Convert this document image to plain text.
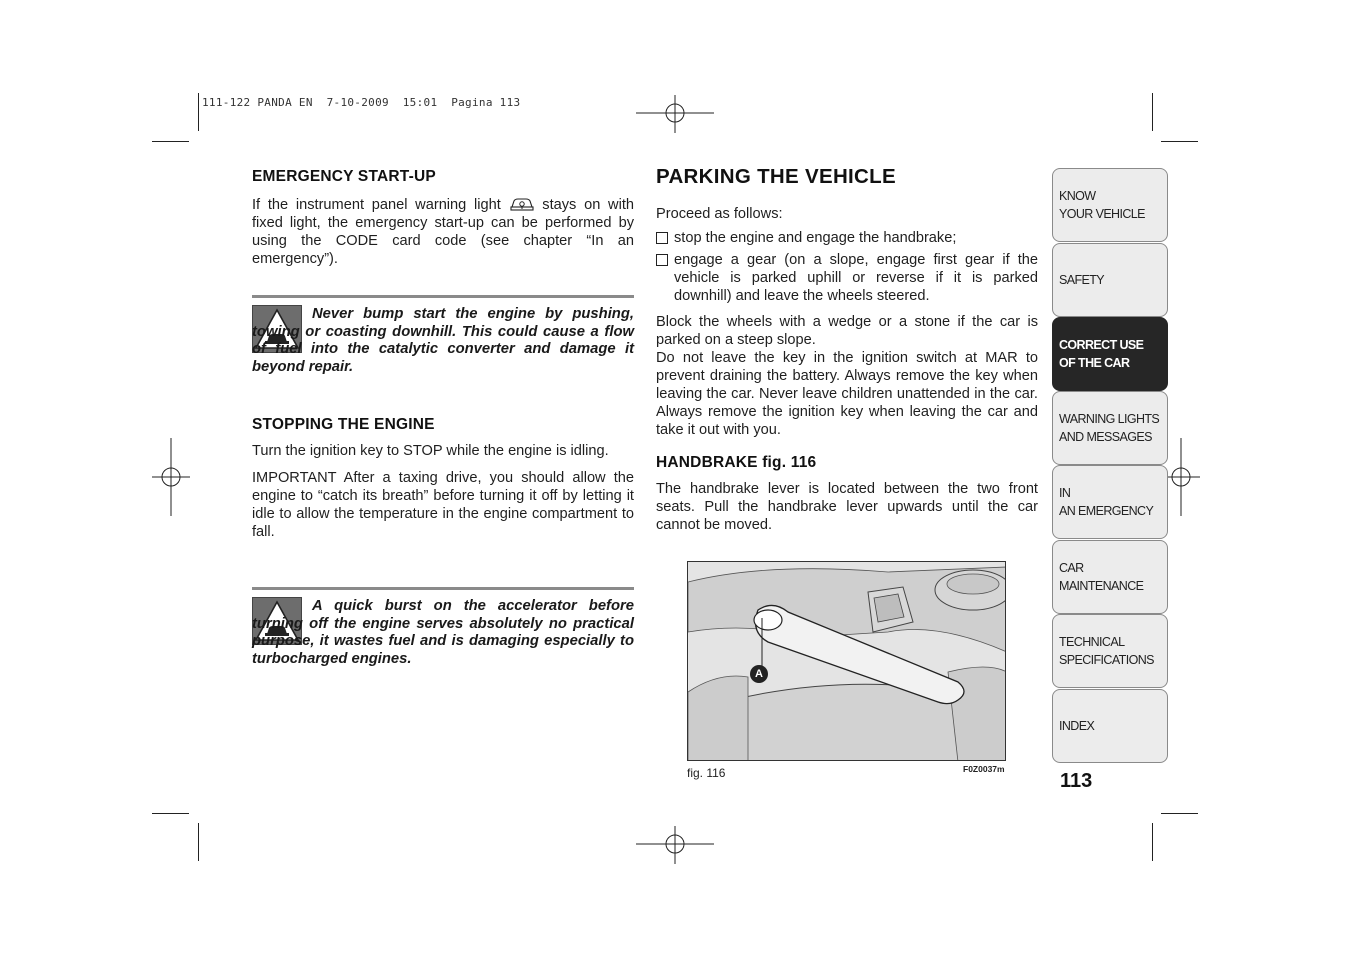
111-122 PANDA EN  7-10-2009  15:01  Pagina 113
EMERGENCY START-UP

If the instrument panel warning light	stays on with fixed light, the emergency start-up can be performed by using the CODE card code (see chapter “In an emergency”).

Never bump start the engine by pushing, towing or coasting downhill. This could cause a flow of fuel into the catalytic converter and damage it beyond repair.
STOPPING THE ENGINE

Turn the ignition key to STOP while the engine is idling.

IMPORTANT After a taxing drive, you should allow the engine to “catch its breath” before turning it off by letting it idle to allow the temperature in the engine compartment to fall.

A quick burst on the accelerator before turning off the engine serves absolutely no practical purpose, it wastes fuel and is damaging especially to turbocharged engines.
PARKING THE VEHICLE

Proceed as follows:

stop the engine and engage the handbrake;
engage a gear (on a slope, engage first gear if the vehicle is parked uphill or reverse if it is parked downhill) and leave the wheels steered.

Block the wheels with a wedge or a stone if the car is parked on a steep slope.

Do not leave the key in the ignition switch at MAR to prevent draining the battery. Always remove the key when leaving the car. Never leave children unattended in the car. Always remove the ignition key when leaving the car and take it out with you.

HANDBRAKE fig. 116

The handbrake lever is located between the two front seats. Pull the handbrake lever upwards until the car cannot be moved.

A
fig. 116	F0Z0037m
KNOW
YOUR VEHICLE
SAFETY
CORRECT USE
OF THE CAR
WARNING LIGHTS
AND MESSAGES
IN
AN EMERGENCY
CAR
MAINTENANCE
TECHNICAL
SPECIFICATIONS
INDEX
113
